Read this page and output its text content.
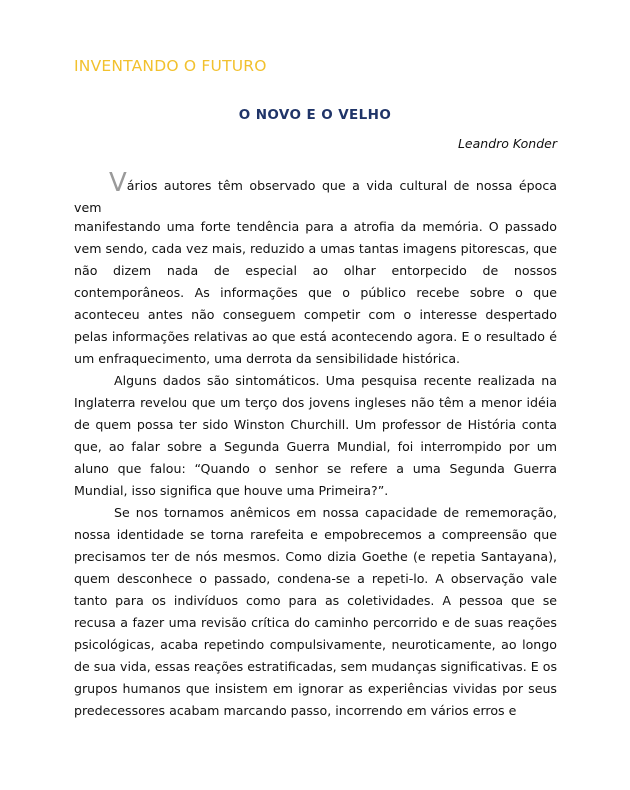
INVENTANDO O FUTURO
O NOVO E O VELHO
Leandro Konder

Vários autores têm observado que a vida cultural de nossa época vem

manifestando uma forte tendência para a atrofia da memória. O passado vem sendo, cada vez mais, reduzido a umas tantas imagens pitorescas, que não dizem nada de especial ao olhar entorpecido de nossos contemporâneos. As informações que o público recebe sobre o que aconteceu antes não conseguem competir com o interesse despertado pelas informações relativas ao que está acontecendo agora. E o resultado é um enfraquecimento, uma derrota da sensibilidade histórica.

Alguns dados são sintomáticos. Uma pesquisa recente realizada na Inglaterra revelou que um terço dos jovens ingleses não têm a menor idéia de quem possa ter sido Winston Churchill. Um professor de História conta que, ao falar sobre a Segunda Guerra Mundial, foi interrompido por um aluno que falou: “Quando o senhor se refere a uma Segunda Guerra Mundial, isso significa que houve uma Primeira?”.

Se nos tornamos anêmicos em nossa capacidade de rememoração, nossa identidade se torna rarefeita e empobrecemos a compreensão que precisamos ter de nós mesmos. Como dizia Goethe (e repetia Santayana), quem desconhece o passado, condena-se a repeti-lo. A observação vale tanto para os indivíduos como para as coletividades. A pessoa que se recusa a fazer uma revisão crítica do caminho percorrido e de suas reações psicológicas, acaba repetindo compulsivamente, neuroticamente, ao longo de sua vida, essas reações estratificadas, sem mudanças significativas. E os grupos humanos que insistem em ignorar as experiências vividas por seus predecessores acabam marcando passo, incorrendo em vários erros e
